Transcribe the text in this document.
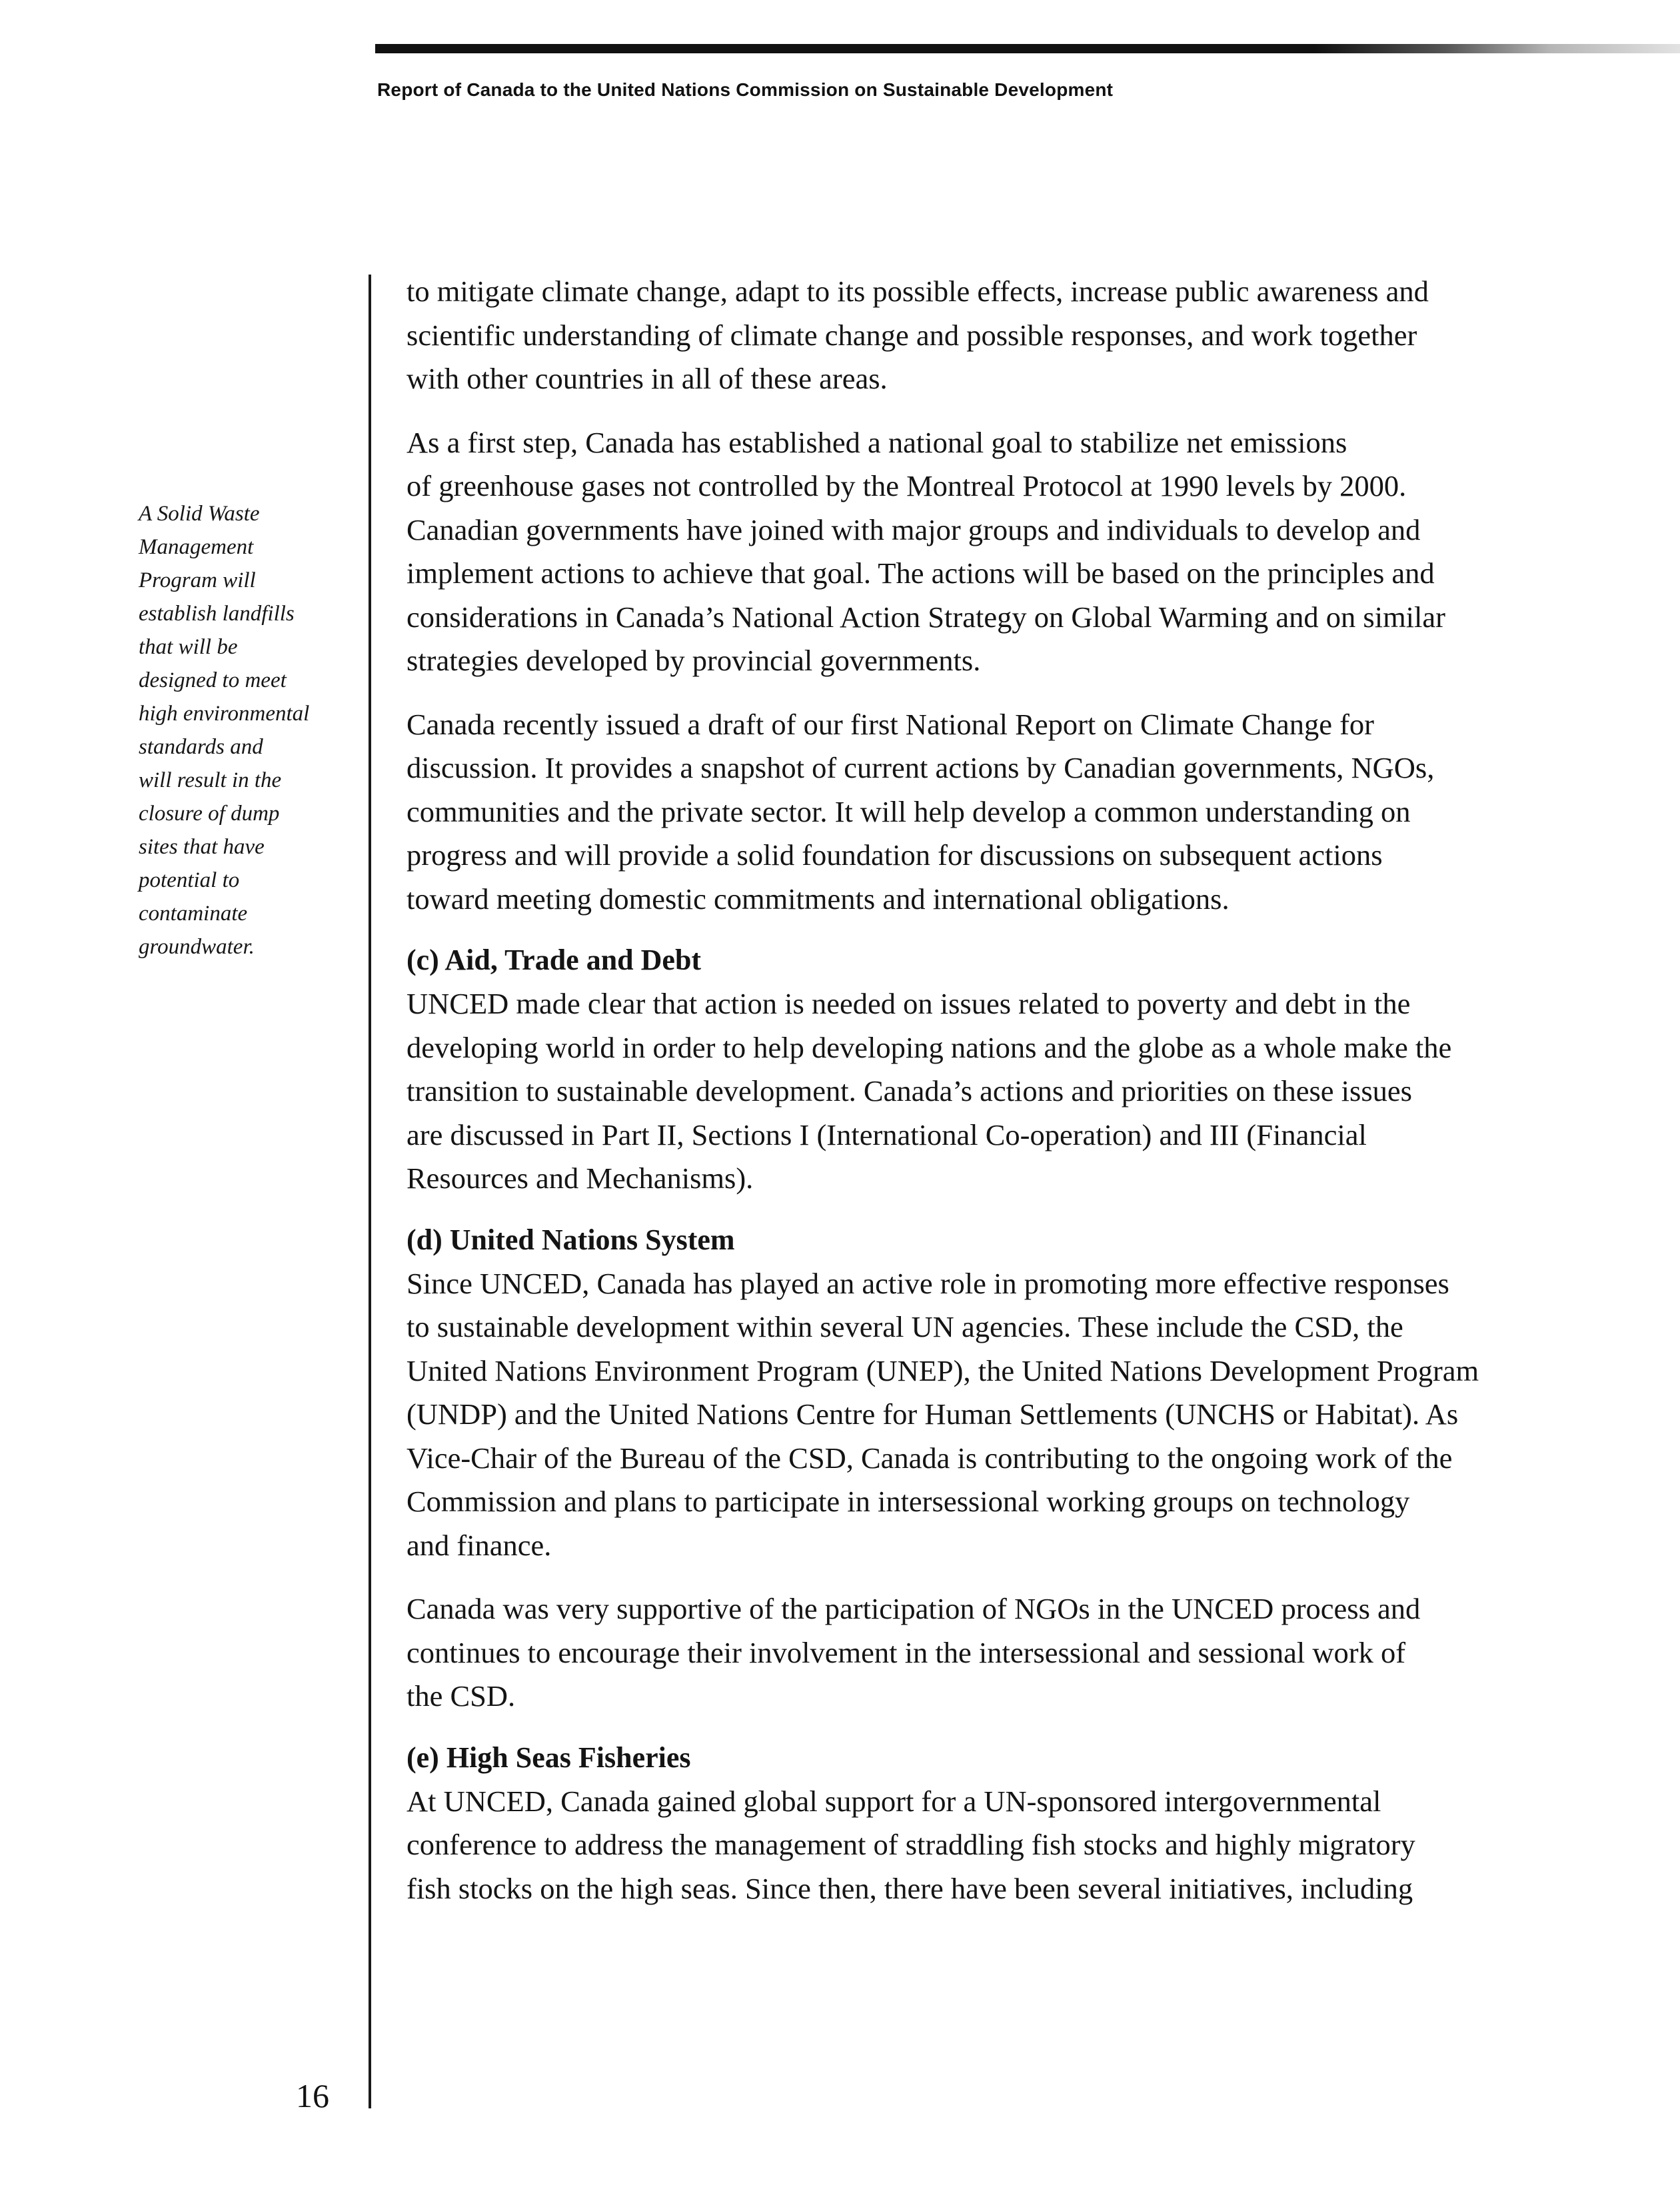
Report of Canada to the United Nations Commission on Sustainable Development
A Solid Waste
Management
Program will
establish landfills
that will be
designed to meet
high environmental
standards and
will result in the
closure of dump
sites that have
potential to
contaminate
groundwater.
to mitigate climate change, adapt to its possible effects, increase public awareness and
scientific understanding of climate change and possible responses, and work together
with other countries in all of these areas.
As a first step, Canada has established a national goal to stabilize net emissions
of greenhouse gases not controlled by the Montreal Protocol at 1990 levels by 2000.
Canadian governments have joined with major groups and individuals to develop and
implement actions to achieve that goal. The actions will be based on the principles and
considerations in Canada’s National Action Strategy on Global Warming and on similar
strategies developed by provincial governments.
Canada recently issued a draft of our first National Report on Climate Change for
discussion. It provides a snapshot of current actions by Canadian governments, NGOs,
communities and the private sector. It will help develop a common understanding on
progress and will provide a solid foundation for discussions on subsequent actions
toward meeting domestic commitments and international obligations.
(c) Aid, Trade and Debt
UNCED made clear that action is needed on issues related to poverty and debt in the
developing world in order to help developing nations and the globe as a whole make the
transition to sustainable development. Canada’s actions and priorities on these issues
are discussed in Part II, Sections I (International Co-operation) and III (Financial
Resources and Mechanisms).
(d) United Nations System
Since UNCED, Canada has played an active role in promoting more effective responses
to sustainable development within several UN agencies. These include the CSD, the
United Nations Environment Program (UNEP), the United Nations Development Program
(UNDP) and the United Nations Centre for Human Settlements (UNCHS or Habitat). As
Vice-Chair of the Bureau of the CSD, Canada is contributing to the ongoing work of the
Commission and plans to participate in intersessional working groups on technology
and finance.
Canada was very supportive of the participation of NGOs in the UNCED process and
continues to encourage their involvement in the intersessional and sessional work of
the CSD.
(e) High Seas Fisheries
At UNCED, Canada gained global support for a UN-sponsored intergovernmental
conference to address the management of straddling fish stocks and highly migratory
fish stocks on the high seas. Since then, there have been several initiatives, including
16
